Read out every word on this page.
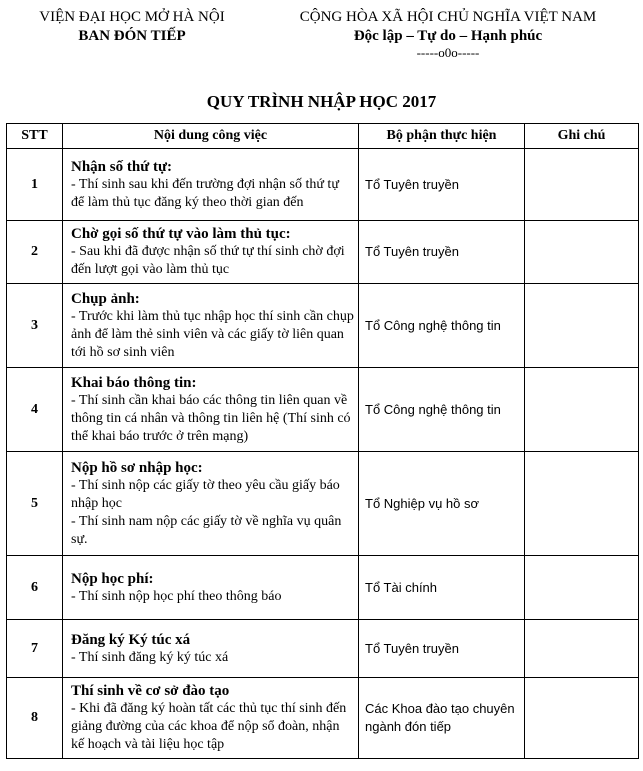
VIỆN ĐẠI HỌC MỞ HÀ NỘI
BAN ĐÓN TIẾP
CỘNG HÒA XÃ HỘI CHỦ NGHĨA VIỆT NAM
Độc lập – Tự do – Hạnh phúc
-----o0o-----
QUY TRÌNH NHẬP HỌC 2017
STT	Nội dung công việc	Bộ phận thực hiện	Ghi chú
1	Nhận số thứ tự:
- Thí sinh sau khi đến trường đợi nhận số thứ tự để làm thủ tục đăng ký theo thời gian đến	Tổ Tuyên truyền	
2	Chờ gọi số thứ tự vào làm thủ tục:
- Sau khi đã được nhận số thứ tự thí sinh chờ đợi đến lượt gọi vào làm thủ tục	Tổ Tuyên truyền	
3	Chụp ảnh:
- Trước khi làm thủ tục nhập học thí sinh cần chụp ảnh để làm thẻ sinh viên và các giấy tờ liên quan tới hồ sơ sinh viên	Tổ Công nghệ thông tin	
4	Khai báo thông tin:
- Thí sinh cần khai báo các thông tin liên quan về thông tin cá nhân và thông tin liên hệ (Thí sinh có thể khai báo trước ở trên mạng)	Tổ Công nghệ thông tin	
5	Nộp hồ sơ nhập học:
- Thí sinh nộp các giấy tờ theo yêu cầu giấy báo nhập học
- Thí sinh nam nộp các giấy tờ về nghĩa vụ quân sự.	Tổ Nghiệp vụ hồ sơ	
6	Nộp học phí:
- Thí sinh nộp học phí theo thông báo	Tổ Tài chính	
7	Đăng ký Ký túc xá
- Thí sinh đăng ký ký túc xá	Tổ Tuyên truyền	
8	Thí sinh về cơ sở đào tạo
- Khi đã đăng ký hoàn tất các thủ tục thí sinh đến giảng đường của các khoa để nộp sổ đoàn, nhận kế hoạch và tài liệu học tập	Các Khoa đào tạo chuyên ngành đón tiếp	
